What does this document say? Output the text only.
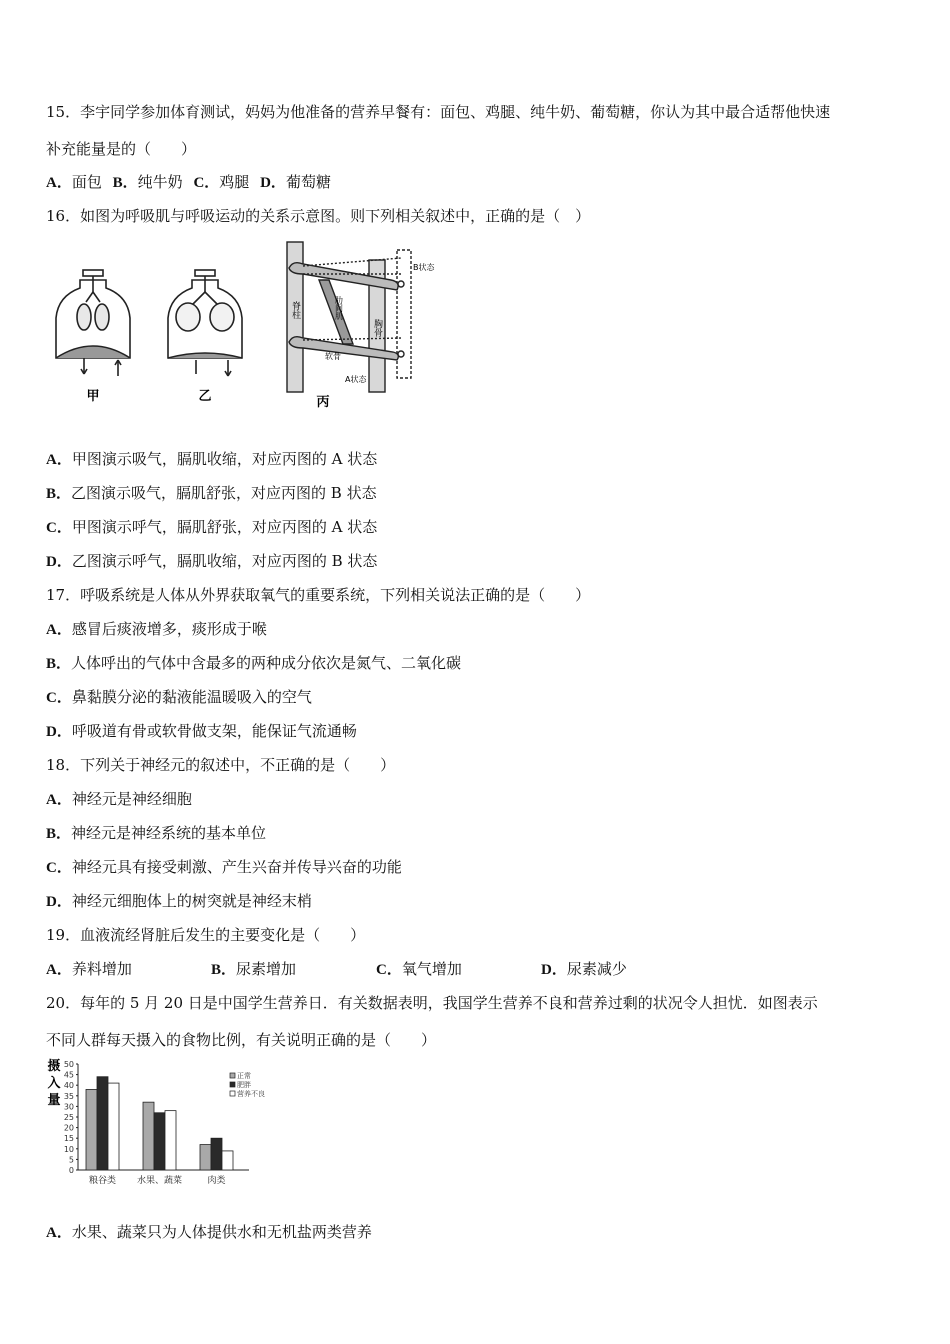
15．李宇同学参加体育测试，妈妈为他准备的营养早餐有：面包、鸡腿、纯牛奶、葡萄糖，你认为其中最合适帮他快速
补充能量是的（　　）
A．面包 B．纯牛奶 C．鸡腿 D．葡萄糖
16．如图为呼吸肌与呼吸运动的关系示意图。则下列相关叙述中，正确的是（　）
甲	乙
脊柱	肋间肌
胸骨
软骨
B状态
A状态
丙
A．甲图演示吸气，膈肌收缩，对应丙图的 A 状态
B．乙图演示吸气，膈肌舒张，对应丙图的 B 状态
C．甲图演示呼气，膈肌舒张，对应丙图的 A 状态
D．乙图演示呼气，膈肌收缩，对应丙图的 B 状态
17．呼吸系统是人体从外界获取氧气的重要系统，下列相关说法正确的是（　　）
A．感冒后痰液增多，痰形成于喉
B．人体呼出的气体中含最多的两种成分依次是氮气、二氧化碳
C．鼻黏膜分泌的黏液能温暖吸入的空气
D．呼吸道有骨或软骨做支架，能保证气流通畅
18．下列关于神经元的叙述中，不正确的是（　　）
A．神经元是神经细胞
B．神经元是神经系统的基本单位
C．神经元具有接受刺激、产生兴奋并传导兴奋的功能
D．神经元细胞体上的树突就是神经末梢
19．血液流经肾脏后发生的主要变化是（　　）
A．养料增加	B．尿素增加	C．氧气增加	D．尿素减少
20．每年的 5 月 20 日是中国学生营养日．有关数据表明，我国学生营养不良和营养过剩的状况令人担忧．如图表示
不同人群每天摄入的食物比例，有关说明正确的是（　　）
摄
入
量
0
5
10
15
20
25
30
35
40
45
50
粮谷类 水果、蔬菜	肉类
正常
肥胖
营养不良
A．水果、蔬菜只为人体提供水和无机盐两类营养
